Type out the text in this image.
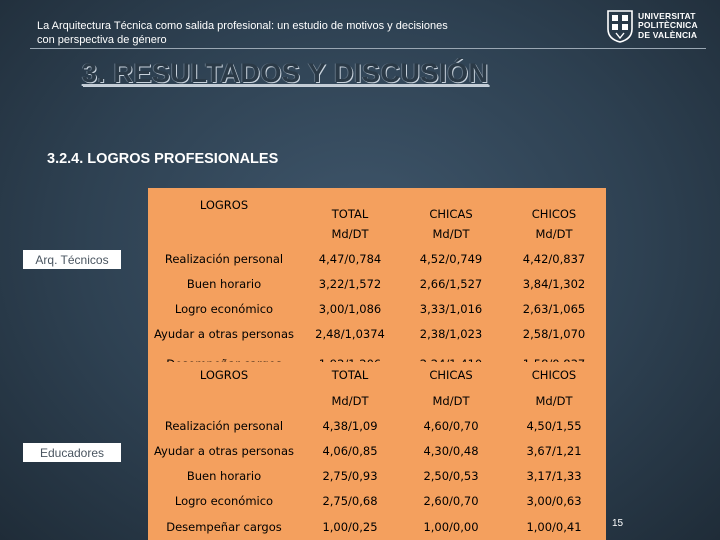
La Arquitectura Técnica como salida profesional: un estudio de motivos y decisiones con perspectiva de género
UNIVERSITAT
POLITÈCNICA
DE VALÈNCIA
3. RESULTADOS Y DISCUSIÓN
3.2.4. LOGROS PROFESIONALES
Arq. Técnicos
Educadores
LOGROS	TOTAL	CHICAS	CHICOS
	Md/DT	Md/DT	Md/DT
Realización personal	4,47/0,784	4,52/0,749	4,42/0,837
Buen horario	3,22/1,572	2,66/1,527	3,84/1,302
Logro económico	3,00/1,086	3,33/1,016	2,63/1,065
Ayudar a otras personas	2,48/1,0374	2,38/1,023	2,58/1,070

LOGROS	TOTAL	CHICAS	CHICOS
	Md/DT	Md/DT	Md/DT
Realización personal	4,38/1,09	4,60/0,70	4,50/1,55
Ayudar a otras personas	4,06/0,85	4,30/0,48	3,67/1,21
Buen horario	2,75/0,93	2,50/0,53	3,17/1,33
Logro económico	2,75/0,68	2,60/0,70	3,00/0,63
Desempeñar cargos	1,00/0,25	1,00/0,00	1,00/0,41	15
